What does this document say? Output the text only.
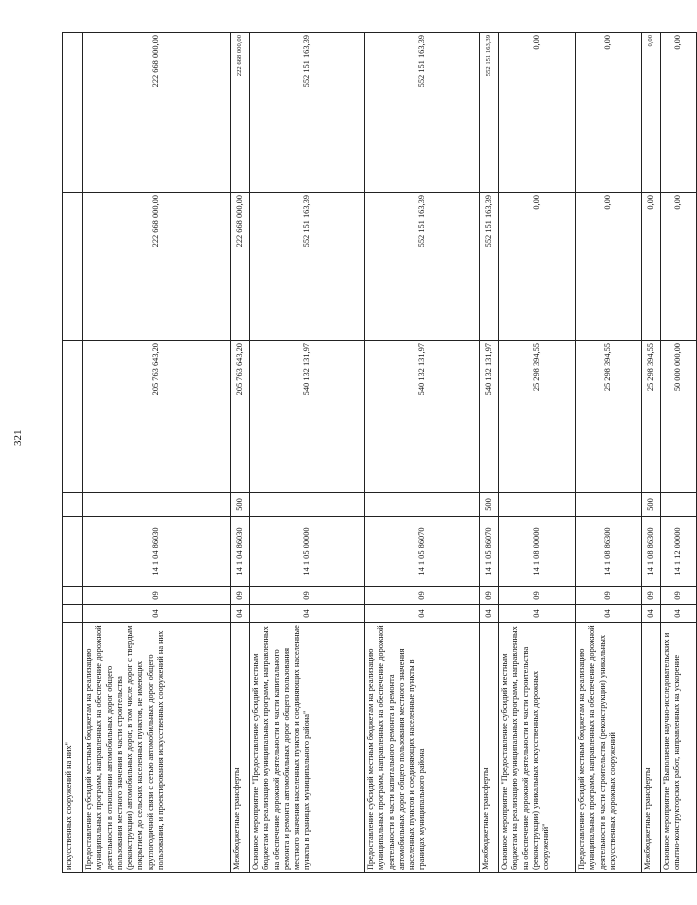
321
искусственных сооружений на них"							
Предоставление субсидий местным бюджетам на реализацию муниципальных программ, направленных на обеспечение дорожной деятельности в отношении автомобильных дорог общего пользования местного значения в части строительства (реконструкции) автомобильных дорог, в том числе дорог с твердым покрытием до сельских населенных пунктов, не имеющих круглогодичной связи с сетью автомобильных дорог общего пользования, и проектирования искусственных сооружений на них	04	09	14 1 04 86030		205 763 643,20	222 668 000,00	222 668 000,00
Межбюджетные трансферты	04	09	14 1 04 86030	500	205 763 643,20	222 668 000,00	222 668 000,00
Основное мероприятие "Предоставление субсидий местным бюджетам на реализацию муниципальных программ, направленных на обеспечение дорожной деятельности в части капитального ремонта и ремонта автомобильных дорог общего пользования местного значения населенных пунктов и соединяющих населенные пункты в границах муниципального района"	04	09	14 1 05 00000		540 132 131,97	552 151 163,39	552 151 163,39
Предоставление субсидий местным бюджетам на реализацию муниципальных программ, направленных на обеспечение дорожной деятельности в части капитального ремонта и ремонта автомобильных дорог общего пользования местного значения населенных пунктов и соединяющих населенные пункты в границах муниципального района	04	09	14 1 05 86070		540 132 131,97	552 151 163,39	552 151 163,39
Межбюджетные трансферты	04	09	14 1 05 86070	500	540 132 131,97	552 151 163,39	552 151 163,39
Основное мероприятие "Предоставление субсидий местным бюджетам на реализацию муниципальных программ, направленных на обеспечение дорожной деятельности в части строительства (реконструкции) уникальных искусственных дорожных сооружений"	04	09	14 1 08 00000		25 298 394,55	0,00	0,00
Предоставление субсидий местным бюджетам на реализацию муниципальных программ, направленных на обеспечение дорожной деятельности в части строительства (реконструкции) уникальных искусственных дорожных сооружений	04	09	14 1 08 86300		25 298 394,55	0,00	0,00
Межбюджетные трансферты	04	09	14 1 08 86300	500	25 298 394,55	0,00	0,00
Основное мероприятие "Выполнение научно-исследовательских и опытно-конструкторских работ, направленных на ускорение	04	09	14 1 12 00000		50 000 000,00	0,00	0,00
